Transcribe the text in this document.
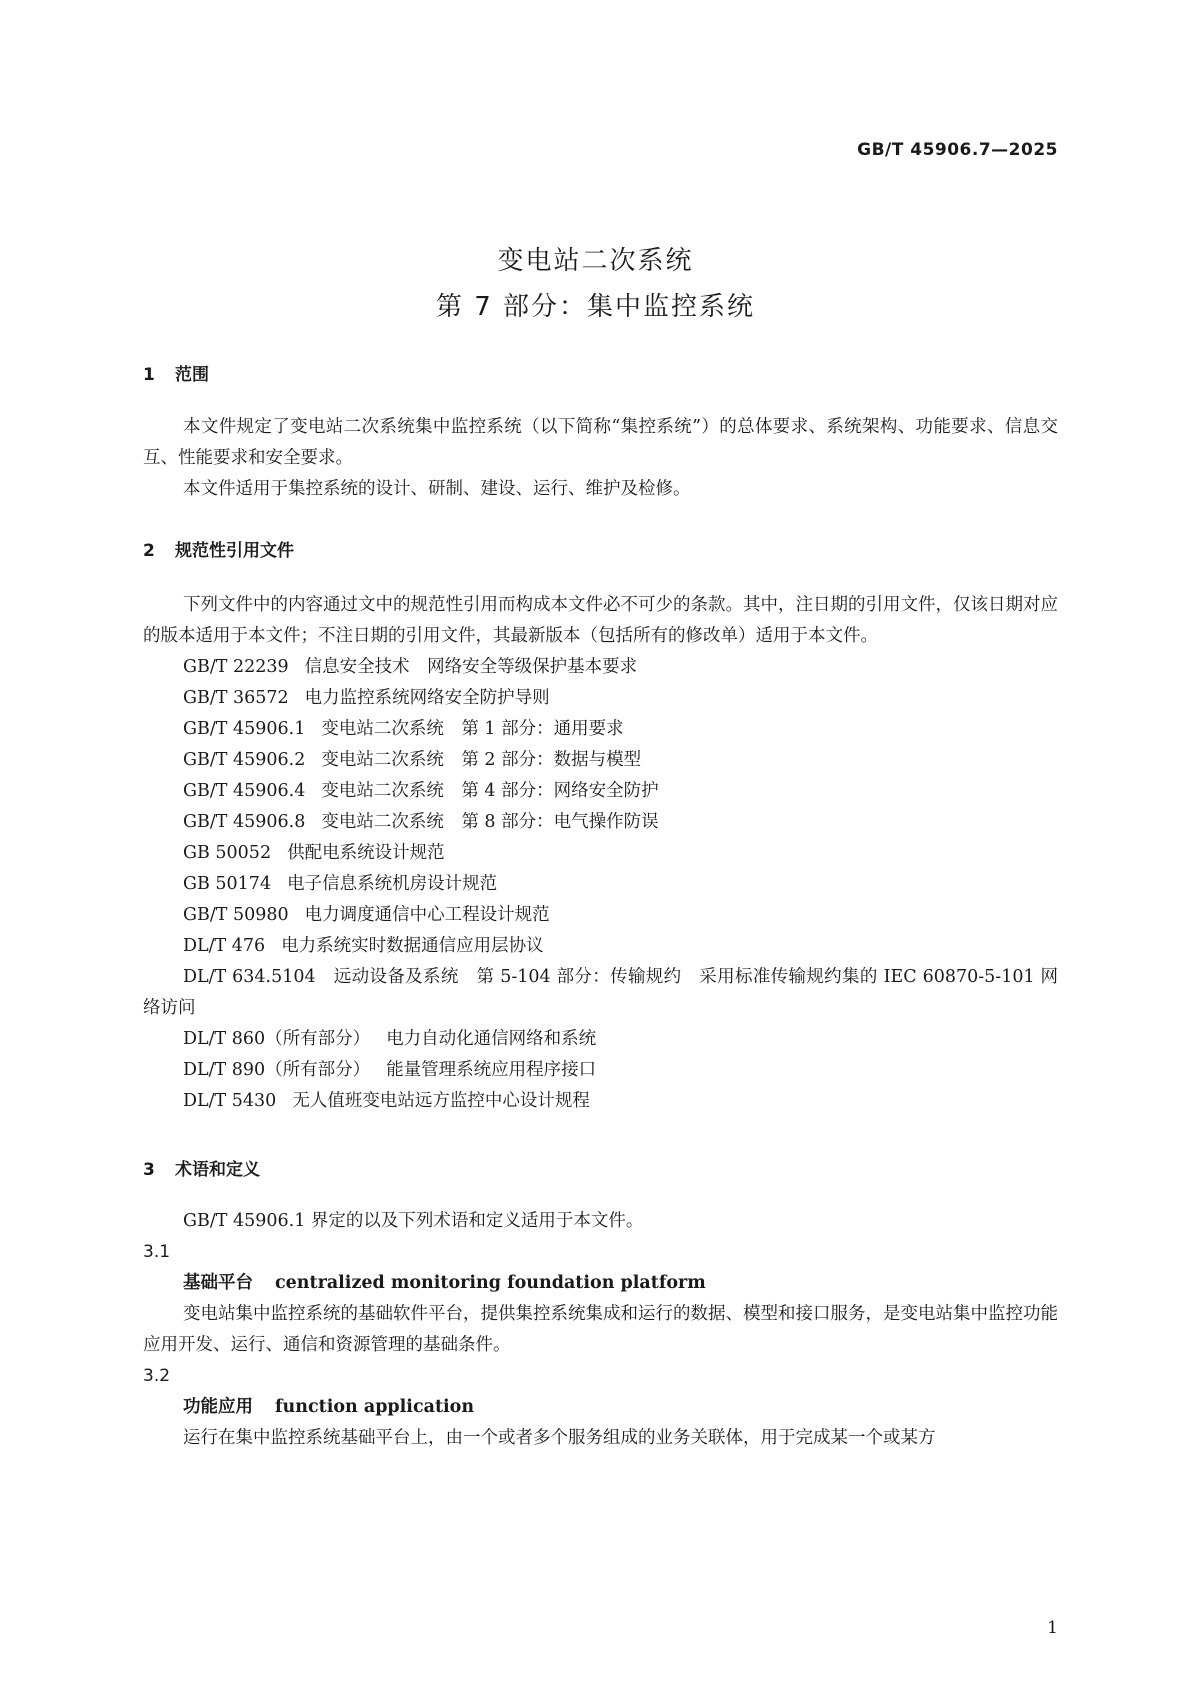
GB/T 45906.7—2025
变电站二次系统
第 7 部分：集中监控系统
1 范围

本文件规定了变电站二次系统集中监控系统（以下简称“集控系统”）的总体要求、系统架构、功能要求、信息交互、性能要求和安全要求。

本文件适用于集控系统的设计、研制、建设、运行、维护及检修。

2 规范性引用文件

下列文件中的内容通过文中的规范性引用而构成本文件必不可少的条款。其中，注日期的引用文件，仅该日期对应的版本适用于本文件；不注日期的引用文件，其最新版本（包括所有的修改单）适用于本文件。

GB/T 22239 信息安全技术　网络安全等级保护基本要求

GB/T 36572 电力监控系统网络安全防护导则

GB/T 45906.1 变电站二次系统　第 1 部分：通用要求

GB/T 45906.2 变电站二次系统　第 2 部分：数据与模型

GB/T 45906.4 变电站二次系统　第 4 部分：网络安全防护

GB/T 45906.8 变电站二次系统　第 8 部分：电气操作防误

GB 50052 供配电系统设计规范

GB 50174 电子信息系统机房设计规范

GB/T 50980 电力调度通信中心工程设计规范

DL/T 476 电力系统实时数据通信应用层协议

DL/T 634.5104　远动设备及系统　第 5-104 部分：传输规约　采用标准传输规约集的 IEC 60870-5-101 网络访问

DL/T 860（所有部分） 电力自动化通信网络和系统

DL/T 890（所有部分） 能量管理系统应用程序接口

DL/T 5430 无人值班变电站远方监控中心设计规程

3 术语和定义

GB/T 45906.1 界定的以及下列术语和定义适用于本文件。

3.1
基础平台 centralized monitoring foundation platform

变电站集中监控系统的基础软件平台，提供集控系统集成和运行的数据、模型和接口服务，是变电站集中监控功能应用开发、运行、通信和资源管理的基础条件。

3.2
功能应用 function application

运行在集中监控系统基础平台上，由一个或者多个服务组成的业务关联体，用于完成某一个或某方

1
